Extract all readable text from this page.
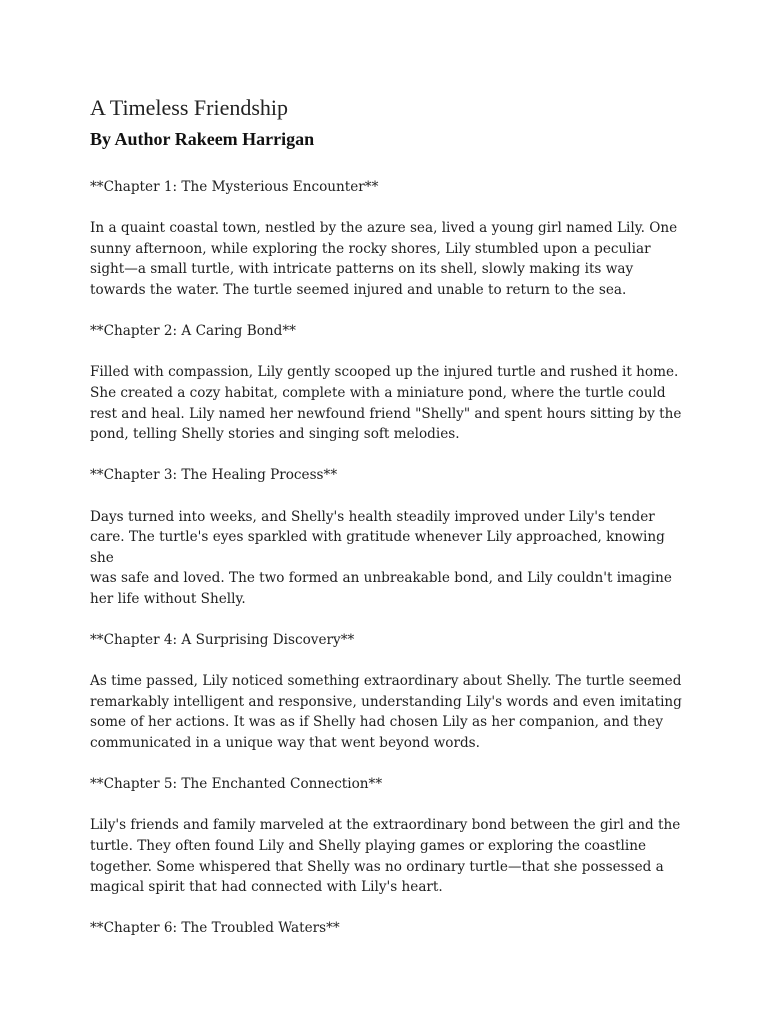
A Timeless Friendship
By Author Rakeem Harrigan
**Chapter 1: The Mysterious Encounter**
In a quaint coastal town, nestled by the azure sea, lived a young girl named Lily. One
sunny afternoon, while exploring the rocky shores, Lily stumbled upon a peculiar
sight—a small turtle, with intricate patterns on its shell, slowly making its way
towards the water. The turtle seemed injured and unable to return to the sea.
**Chapter 2: A Caring Bond**
Filled with compassion, Lily gently scooped up the injured turtle and rushed it home.
She created a cozy habitat, complete with a miniature pond, where the turtle could
rest and heal. Lily named her newfound friend "Shelly" and spent hours sitting by the
pond, telling Shelly stories and singing soft melodies.
**Chapter 3: The Healing Process**
Days turned into weeks, and Shelly's health steadily improved under Lily's tender
care. The turtle's eyes sparkled with gratitude whenever Lily approached, knowing she
was safe and loved. The two formed an unbreakable bond, and Lily couldn't imagine
her life without Shelly.
**Chapter 4: A Surprising Discovery**
As time passed, Lily noticed something extraordinary about Shelly. The turtle seemed
remarkably intelligent and responsive, understanding Lily's words and even imitating
some of her actions. It was as if Shelly had chosen Lily as her companion, and they
communicated in a unique way that went beyond words.
**Chapter 5: The Enchanted Connection**
Lily's friends and family marveled at the extraordinary bond between the girl and the
turtle. They often found Lily and Shelly playing games or exploring the coastline
together. Some whispered that Shelly was no ordinary turtle—that she possessed a
magical spirit that had connected with Lily's heart.
**Chapter 6: The Troubled Waters**
